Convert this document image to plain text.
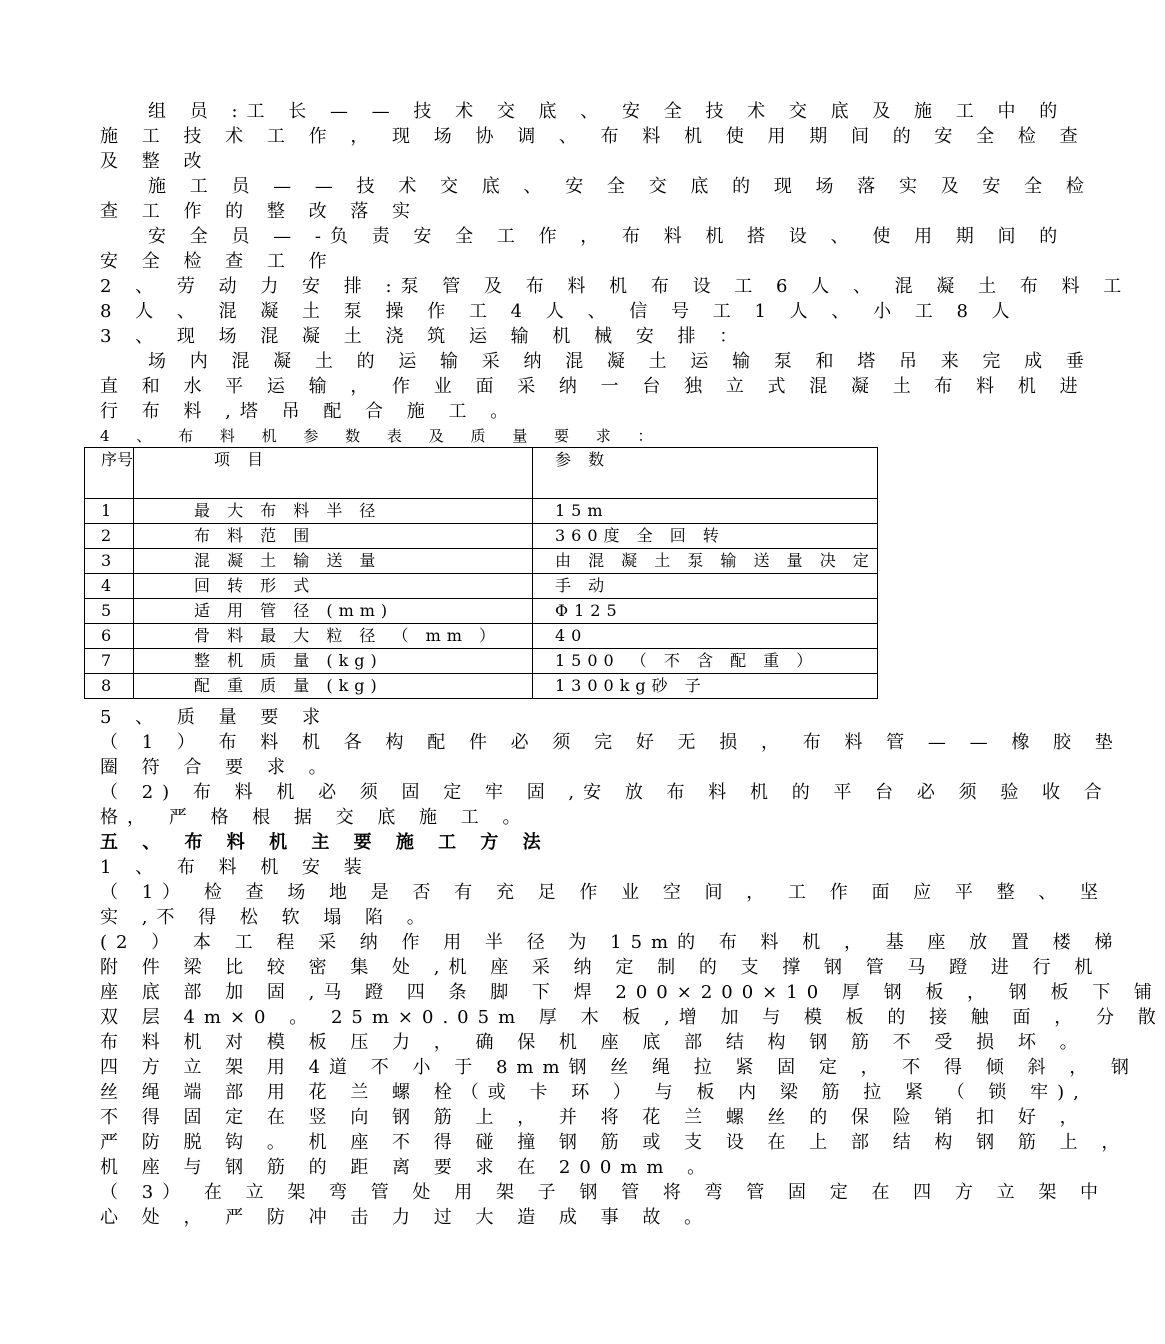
组 员 :工 长 — — 技 术 交 底 、 安 全 技 术 交 底 及 施 工 中 的
施 工 技 术 工 作 ， 现 场 协 调 、 布 料 机 使 用 期 间 的 安 全 检 查
及 整 改
施 工 员 — — 技 术 交 底 、 安 全 交 底 的 现 场 落 实 及 安 全 检
查 工 作 的 整 改 落 实
安 全 员 — -负 责 安 全 工 作 ， 布 料 机 搭 设 、 使 用 期 间 的
安 全 检 查 工 作
2 、 劳 动 力 安 排 :泵 管 及 布 料 机 布 设 工 6 人 、 混 凝 土 布 料 工
8 人 、 混 凝 土 泵 操 作 工 4 人 、 信 号 工 1 人 、 小 工 8 人
3 、 现 场 混 凝 土 浇 筑 运 输 机 械 安 排 ：
场 内 混 凝 土 的 运 输 采 纳 混 凝 土 运 输 泵 和 塔 吊 来 完 成 垂
直 和 水 平 运 输 ， 作 业 面 采 纳 一 台 独 立 式 混 凝 土 布 料 机 进
行 布 料 ,塔 吊 配 合 施 工 。
4 、 布 料 机 参 数 表 及 质 量 要 求 ：
序号	项 目	参 数
1	最 大 布 料 半 径	15m
2	布 料 范 围	360度 全 回 转
3	混 凝 土 输 送 量	由 混 凝 土 泵 输 送 量 决 定
4	回 转 形 式	手 动
5	适 用 管 径 (mm)	Φ125
6	骨 料 最 大 粒 径 （ mm ）	40
7	整 机 质 量 (kg)	1500 （ 不 含 配 重 ）
8	配 重 质 量 (kg)	1300kg砂 子
5 、 质 量 要 求
（ 1 ） 布 料 机 各 构 配 件 必 须 完 好 无 损 ， 布 料 管 — — 橡 胶 垫
圈 符 合 要 求 。
（ 2) 布 料 机 必 须 固 定 牢 固 ,安 放 布 料 机 的 平 台 必 须 验 收 合
格， 严 格 根 据 交 底 施 工 。
五 、 布 料 机 主 要 施 工 方 法
1 、 布 料 机 安 装
（ 1） 检 查 场 地 是 否 有 充 足 作 业 空 间 ， 工 作 面 应 平 整 、 坚
实 ,不 得 松 软 塌 陷 。
(2 ） 本 工 程 采 纳 作 用 半 径 为 15m的 布 料 机 ， 基 座 放 置 楼 梯
附 件 梁 比 较 密 集 处 ,机 座 采 纳 定 制 的 支 撑 钢 管 马 蹬 进 行 机
座 底 部 加 固 ,马 蹬 四 条 脚 下 焊 200×200×10 厚 钢 板 ， 钢 板 下 铺
双 层 4m×0 。 25m×0.05m 厚 木 板 ,增 加 与 模 板 的 接 触 面 ， 分 散
布 料 机 对 模 板 压 力 ， 确 保 机 座 底 部 结 构 钢 筋 不 受 损 坏 。
四 方 立 架 用 4道 不 小 于 8mm钢 丝 绳 拉 紧 固 定 ， 不 得 倾 斜 ， 钢
丝 绳 端 部 用 花 兰 螺 栓（或 卡 环 ） 与 板 内 梁 筋 拉 紧 （ 锁 牢),
不 得 固 定 在 竖 向 钢 筋 上 ， 并 将 花 兰 螺 丝 的 保 险 销 扣 好 ，
严 防 脱 钩 。 机 座 不 得 碰 撞 钢 筋 或 支 设 在 上 部 结 构 钢 筋 上 ，
机 座 与 钢 筋 的 距 离 要 求 在 200mm 。
（ 3） 在 立 架 弯 管 处 用 架 子 钢 管 将 弯 管 固 定 在 四 方 立 架 中
心 处 ， 严 防 冲 击 力 过 大 造 成 事 故 。
